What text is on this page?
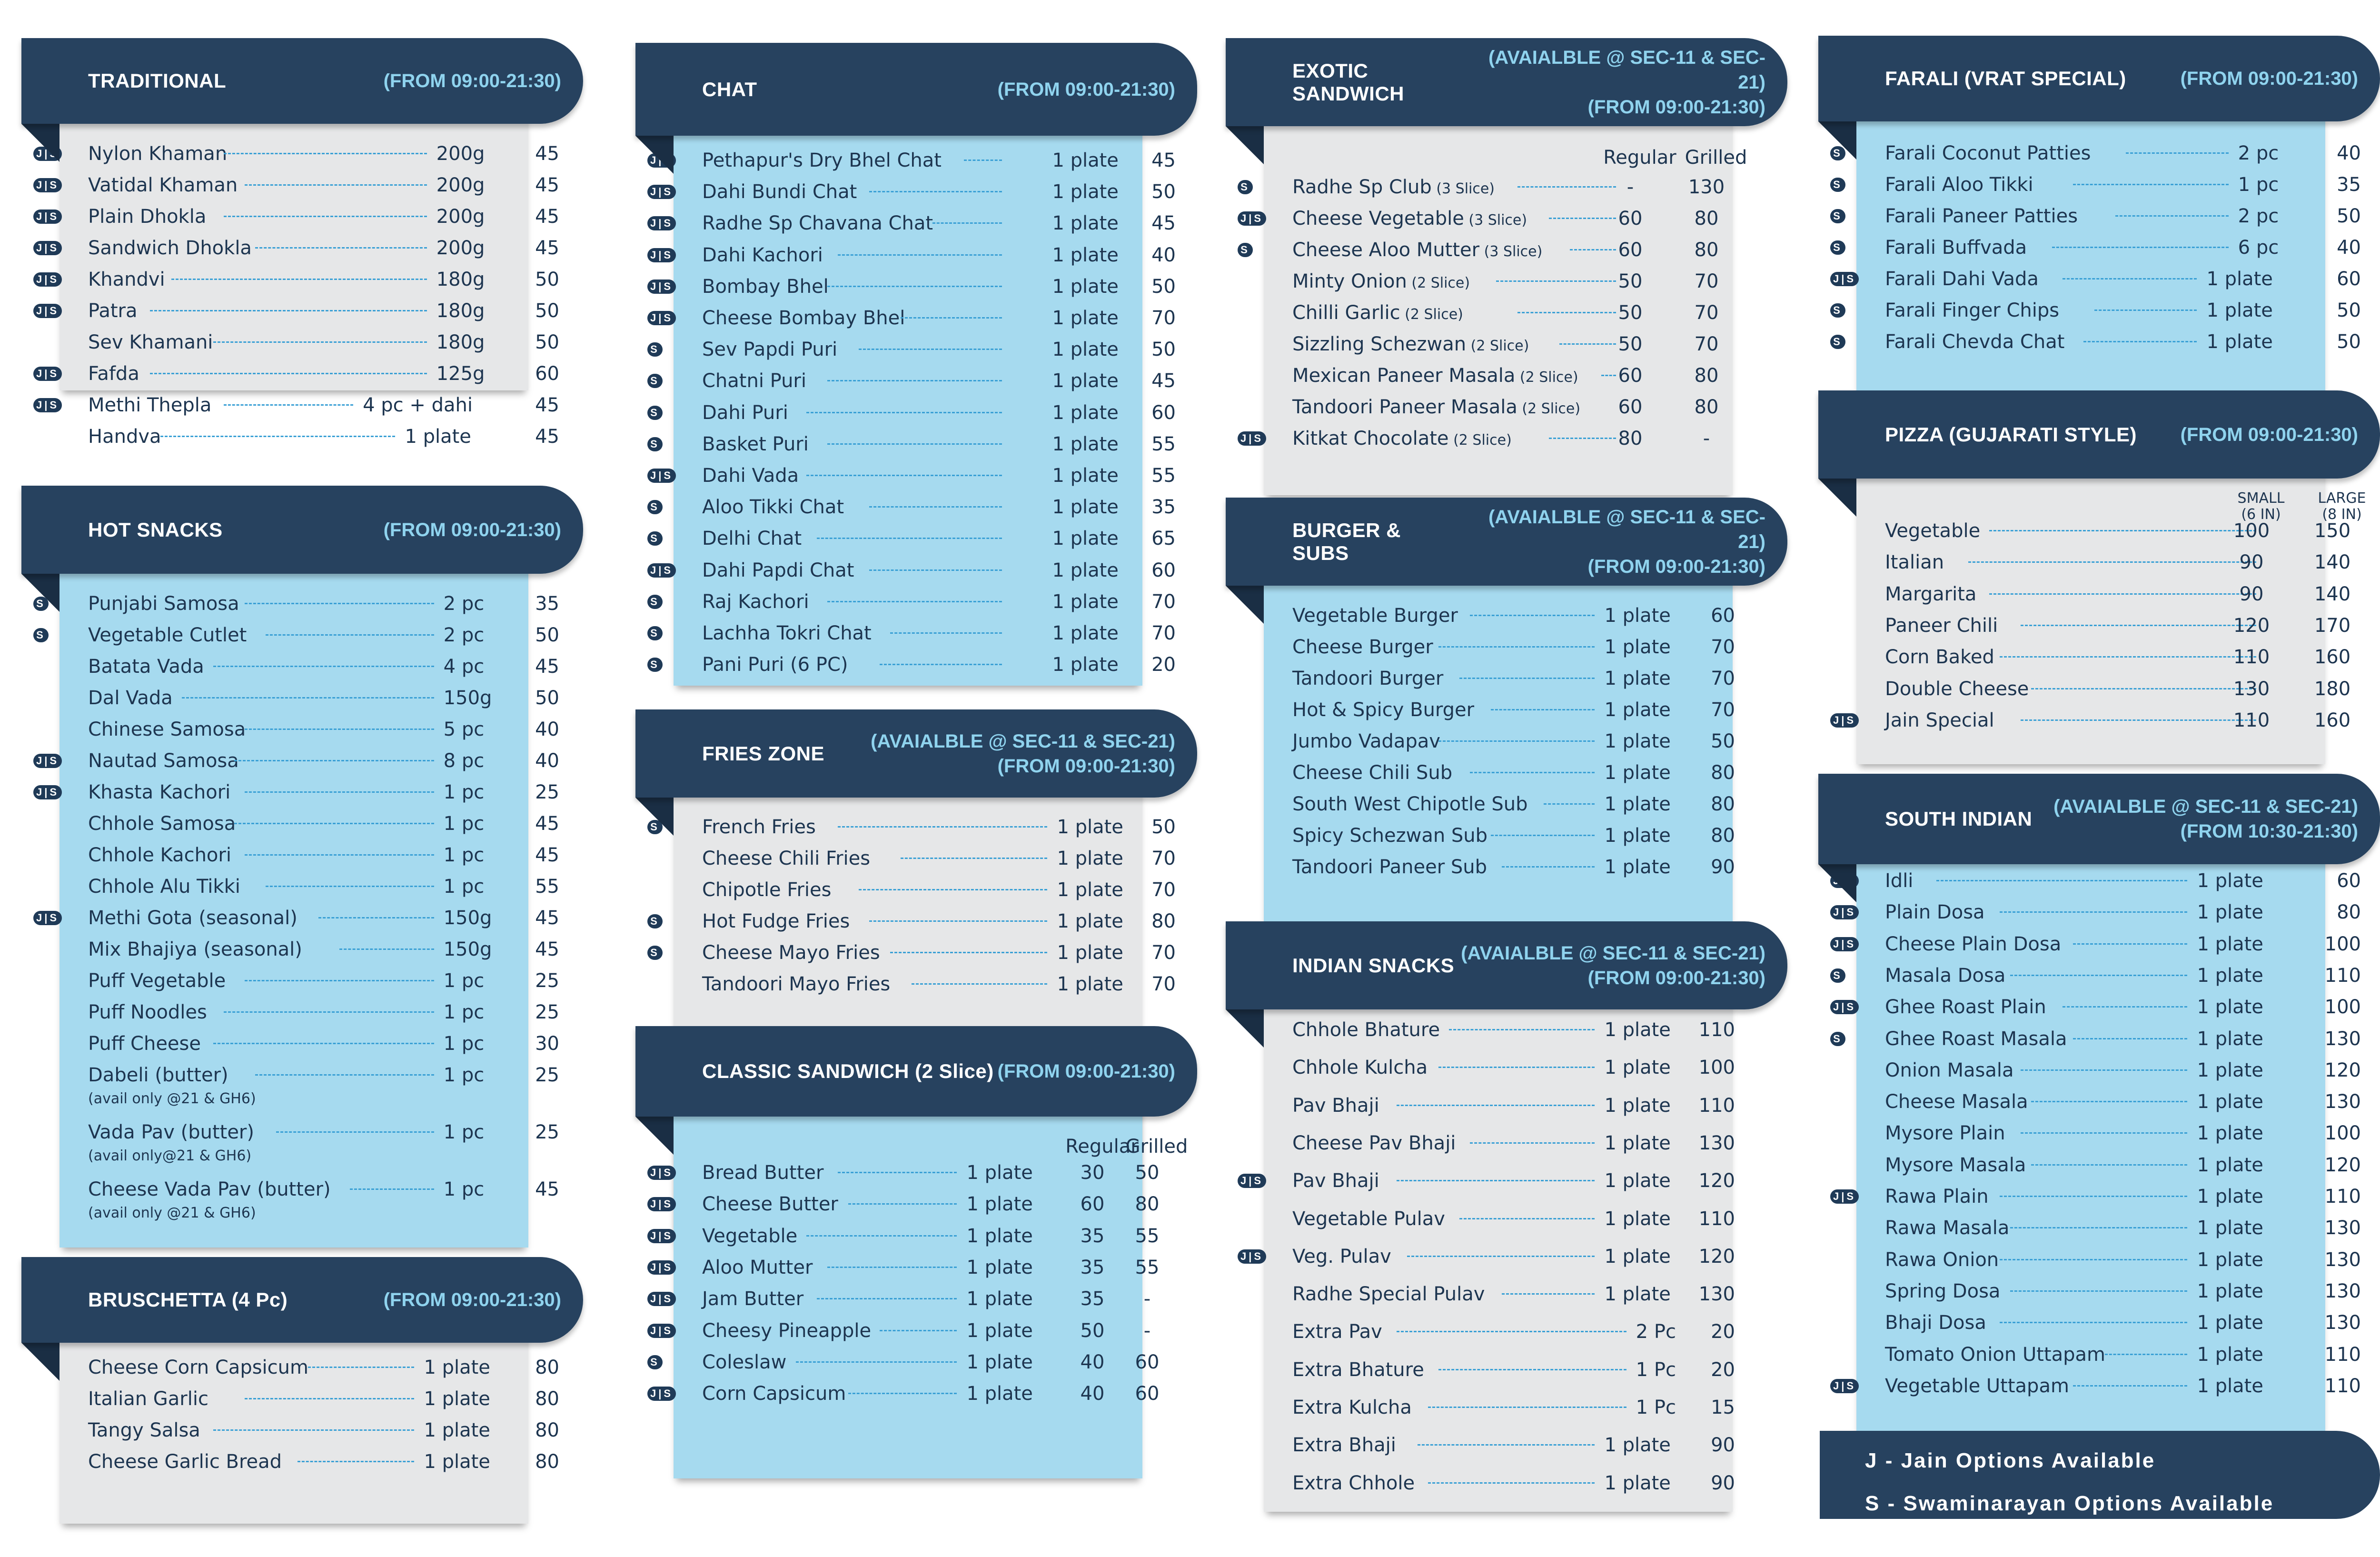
TRADITIONAL	(FROM 09:00-21:30)
J|S Nylon Khaman	200g	45
J|S Vatidal Khaman	200g	45
J|S Plain Dhokla	200g	45
J|S Sandwich Dhokla	200g	45
J|S Khandvi	180g	50
J|S Patra	180g	50
Sev Khamani	180g	50
J|S Fafda	125g	60
J|S Methi Thepla	4 pc + dahi	45
Handva	1 plate	45
HOT SNACKS	(FROM 09:00-21:30)
S Punjabi Samosa	2 pc	35
S Vegetable Cutlet	2 pc	50
Batata Vada	4 pc	45
Dal Vada	150g	50
Chinese Samosa	5 pc	40
J|S Nautad Samosa	8 pc	40
J|S Khasta Kachori	1 pc	25
Chhole Samosa	1 pc	45
Chhole Kachori	1 pc	45
Chhole Alu Tikki	1 pc	55
J|S Methi Gota (seasonal)	150g	45
Mix Bhajiya (seasonal)	150g	45
Puff Vegetable	1 pc	25
Puff Noodles	1 pc	25
Puff Cheese	1 pc	30
Dabeli (butter)	1 pc	25
(avail only @21 & GH6)
Vada Pav (butter)	1 pc	25
(avail only@21 & GH6)
Cheese Vada Pav (butter)	1 pc	45
(avail only @21 & GH6)
BRUSCHETTA (4 Pc)	(FROM 09:00-21:30)
Cheese Corn Capsicum	1 plate	80
Italian Garlic	1 plate	80
Tangy Salsa	1 plate	80
Cheese Garlic Bread	1 plate	80
CHAT	(FROM 09:00-21:30)
J|S Pethapur's Dry Bhel Chat	1 plate	45
J|S Dahi Bundi Chat	1 plate	50
J|S Radhe Sp Chavana Chat	1 plate	45
J|S Dahi Kachori	1 plate	40
J|S Bombay Bhel	1 plate	50
J|S Cheese Bombay Bhel	1 plate	70
S Sev Papdi Puri	1 plate	50
S Chatni Puri	1 plate	45
S Dahi Puri	1 plate	60
S Basket Puri	1 plate	55
J|S Dahi Vada	1 plate	55
S Aloo Tikki Chat	1 plate	35
S Delhi Chat	1 plate	65
J|S Dahi Papdi Chat	1 plate	60
S Raj Kachori	1 plate	70
S Lachha Tokri Chat	1 plate	70
S Pani Puri (6 PC)	1 plate	20
FRIES ZONE
(AVAIALBLE @ SEC-11 & SEC-21)
(FROM 09:00-21:30)
S French Fries	1 plate	50
Cheese Chili Fries	1 plate	70
Chipotle Fries	1 plate	70
S Hot Fudge Fries	1 plate	80
S Cheese Mayo Fries	1 plate	70
Tandoori Mayo Fries	1 plate	70
CLASSIC SANDWICH (2 Slice) (FROM 09:00-21:30)
Regular
Grilled
J|S Bread Butter	1 plate	30	50
J|S Cheese Butter	1 plate	60	80
J|S Vegetable	1 plate	35	55
J|S Aloo Mutter	1 plate	35	55
J|S Jam Butter	1 plate	35	-
J|S Cheesy Pineapple	1 plate	50	-
S Coleslaw	1 plate	40	60
J|S Corn Capsicum	1 plate	40	60
EXOTIC SANDWICH
(AVAIALBLE @ SEC-11 & SEC-21)
(FROM 09:00-21:30)
Regular Grilled
S Radhe Sp Club (3 Slice)	-	130
J|S Cheese Vegetable (3 Slice)	60	80
S Cheese Aloo Mutter (3 Slice)	60	80
Minty Onion (2 Slice)	50	70
Chilli Garlic (2 Slice)	50	70
Sizzling Schezwan (2 Slice)	50	70
Mexican Paneer Masala (2 Slice)	60	80
Tandoori Paneer Masala (2 Slice)	60	80
J|S Kitkat Chocolate (2 Slice)	80	-
BURGER & SUBS
(AVAIALBLE @ SEC-11 & SEC-21)
(FROM 09:00-21:30)
Vegetable Burger	1 plate	60
Cheese Burger	1 plate	70
Tandoori Burger	1 plate	70
Hot & Spicy Burger	1 plate	70
Jumbo Vadapav	1 plate	50
Cheese Chili Sub	1 plate	80
South West Chipotle Sub	1 plate	80
Spicy Schezwan Sub	1 plate	80
Tandoori Paneer Sub	1 plate	90
INDIAN SNACKS
(AVAIALBLE @ SEC-11 & SEC-21)
(FROM 09:00-21:30)
Chhole Bhature	1 plate	110
Chhole Kulcha	1 plate	100
Pav Bhaji	1 plate	110
Cheese Pav Bhaji	1 plate	130
J|S Pav Bhaji	1 plate	120
Vegetable Pulav	1 plate	110
J|S Veg. Pulav	1 plate	120
Radhe Special Pulav	1 plate	130
Extra Pav	2 Pc	20
Extra Bhature	1 Pc	20
Extra Kulcha	1 Pc	15
Extra Bhaji	1 plate	90
Extra Chhole	1 plate	90
FARALI (VRAT SPECIAL)	(FROM 09:00-21:30)
S Farali Coconut Patties	2 pc	40
S Farali Aloo Tikki	1 pc	35
S Farali Paneer Patties	2 pc	50
S Farali Buffvada	6 pc	40
J|S Farali Dahi Vada	1 plate	60
S Farali Finger Chips	1 plate	50
S Farali Chevda Chat	1 plate	50
PIZZA (GUJARATI STYLE) (FROM 09:00-21:30)
SMALL
(6 IN)
LARGE
(8 IN)
Vegetable	100	150
Italian	90	140
Margarita	90	140
Paneer Chili	120	170
Corn Baked	110	160
Double Cheese	130	180
J|S Jain Special	110	160
SOUTH INDIAN
(AVAIALBLE @ SEC-11 & SEC-21)
(FROM 10:30-21:30)
J|S Idli	1 plate	60
J|S Plain Dosa	1 plate	80
J|S Cheese Plain Dosa	1 plate	100
S Masala Dosa	1 plate	110
J|S Ghee Roast Plain	1 plate	100
S Ghee Roast Masala	1 plate	130
Onion Masala	1 plate	120
Cheese Masala	1 plate	130
Mysore Plain	1 plate	100
Mysore Masala	1 plate	120
J|S Rawa Plain	1 plate	110
Rawa Masala	1 plate	130
Rawa Onion	1 plate	130
Spring Dosa	1 plate	130
Bhaji Dosa	1 plate	130
Tomato Onion Uttapam	1 plate	110
J|S Vegetable Uttapam	1 plate	110
J - Jain Options Available
S - Swaminarayan Options Available
